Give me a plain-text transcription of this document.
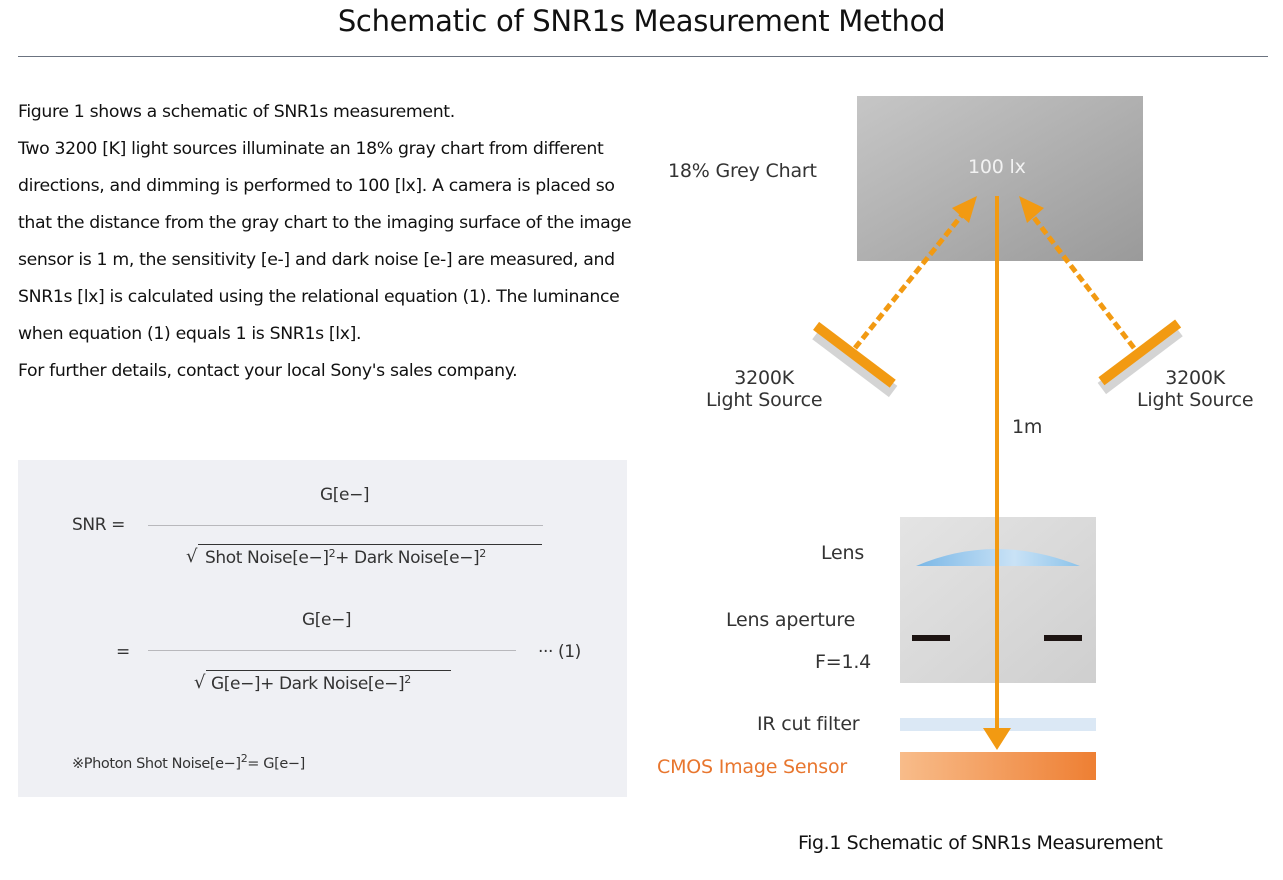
Schematic of SNR1s Measurement Method

Figure 1 shows a schematic of SNR1s measurement.

Two 3200 [K] light sources illuminate an 18% gray chart from different directions, and dimming is performed to 100 [lx]. A camera is placed so that the distance from the gray chart to the imaging surface of the image sensor is 1 m, the sensitivity [e-] and dark noise [e-] are measured, and SNR1s [lx] is calculated using the relational equation (1). The luminance when equation (1) equals 1 is SNR1s [lx].

For further details, contact your local Sony's sales company.

SNR =
G[e−]
√ Shot $Noise[e-]^2+$ Dark $Noise[e-]^2$
=
G[e−]
··· (1)
√ G[e−]+ Dark $Noise[e-]^2$
※Photon Shot $Noise[e-]^2= G[e-]$
18% Grey Chart	100 lx
3200K
Light Source
3200K
Light Source
1m
Lens
Lens aperture
F=1.4
IR cut filter
CMOS Image Sensor
Fig.1 Schematic of SNR1s Measurement
